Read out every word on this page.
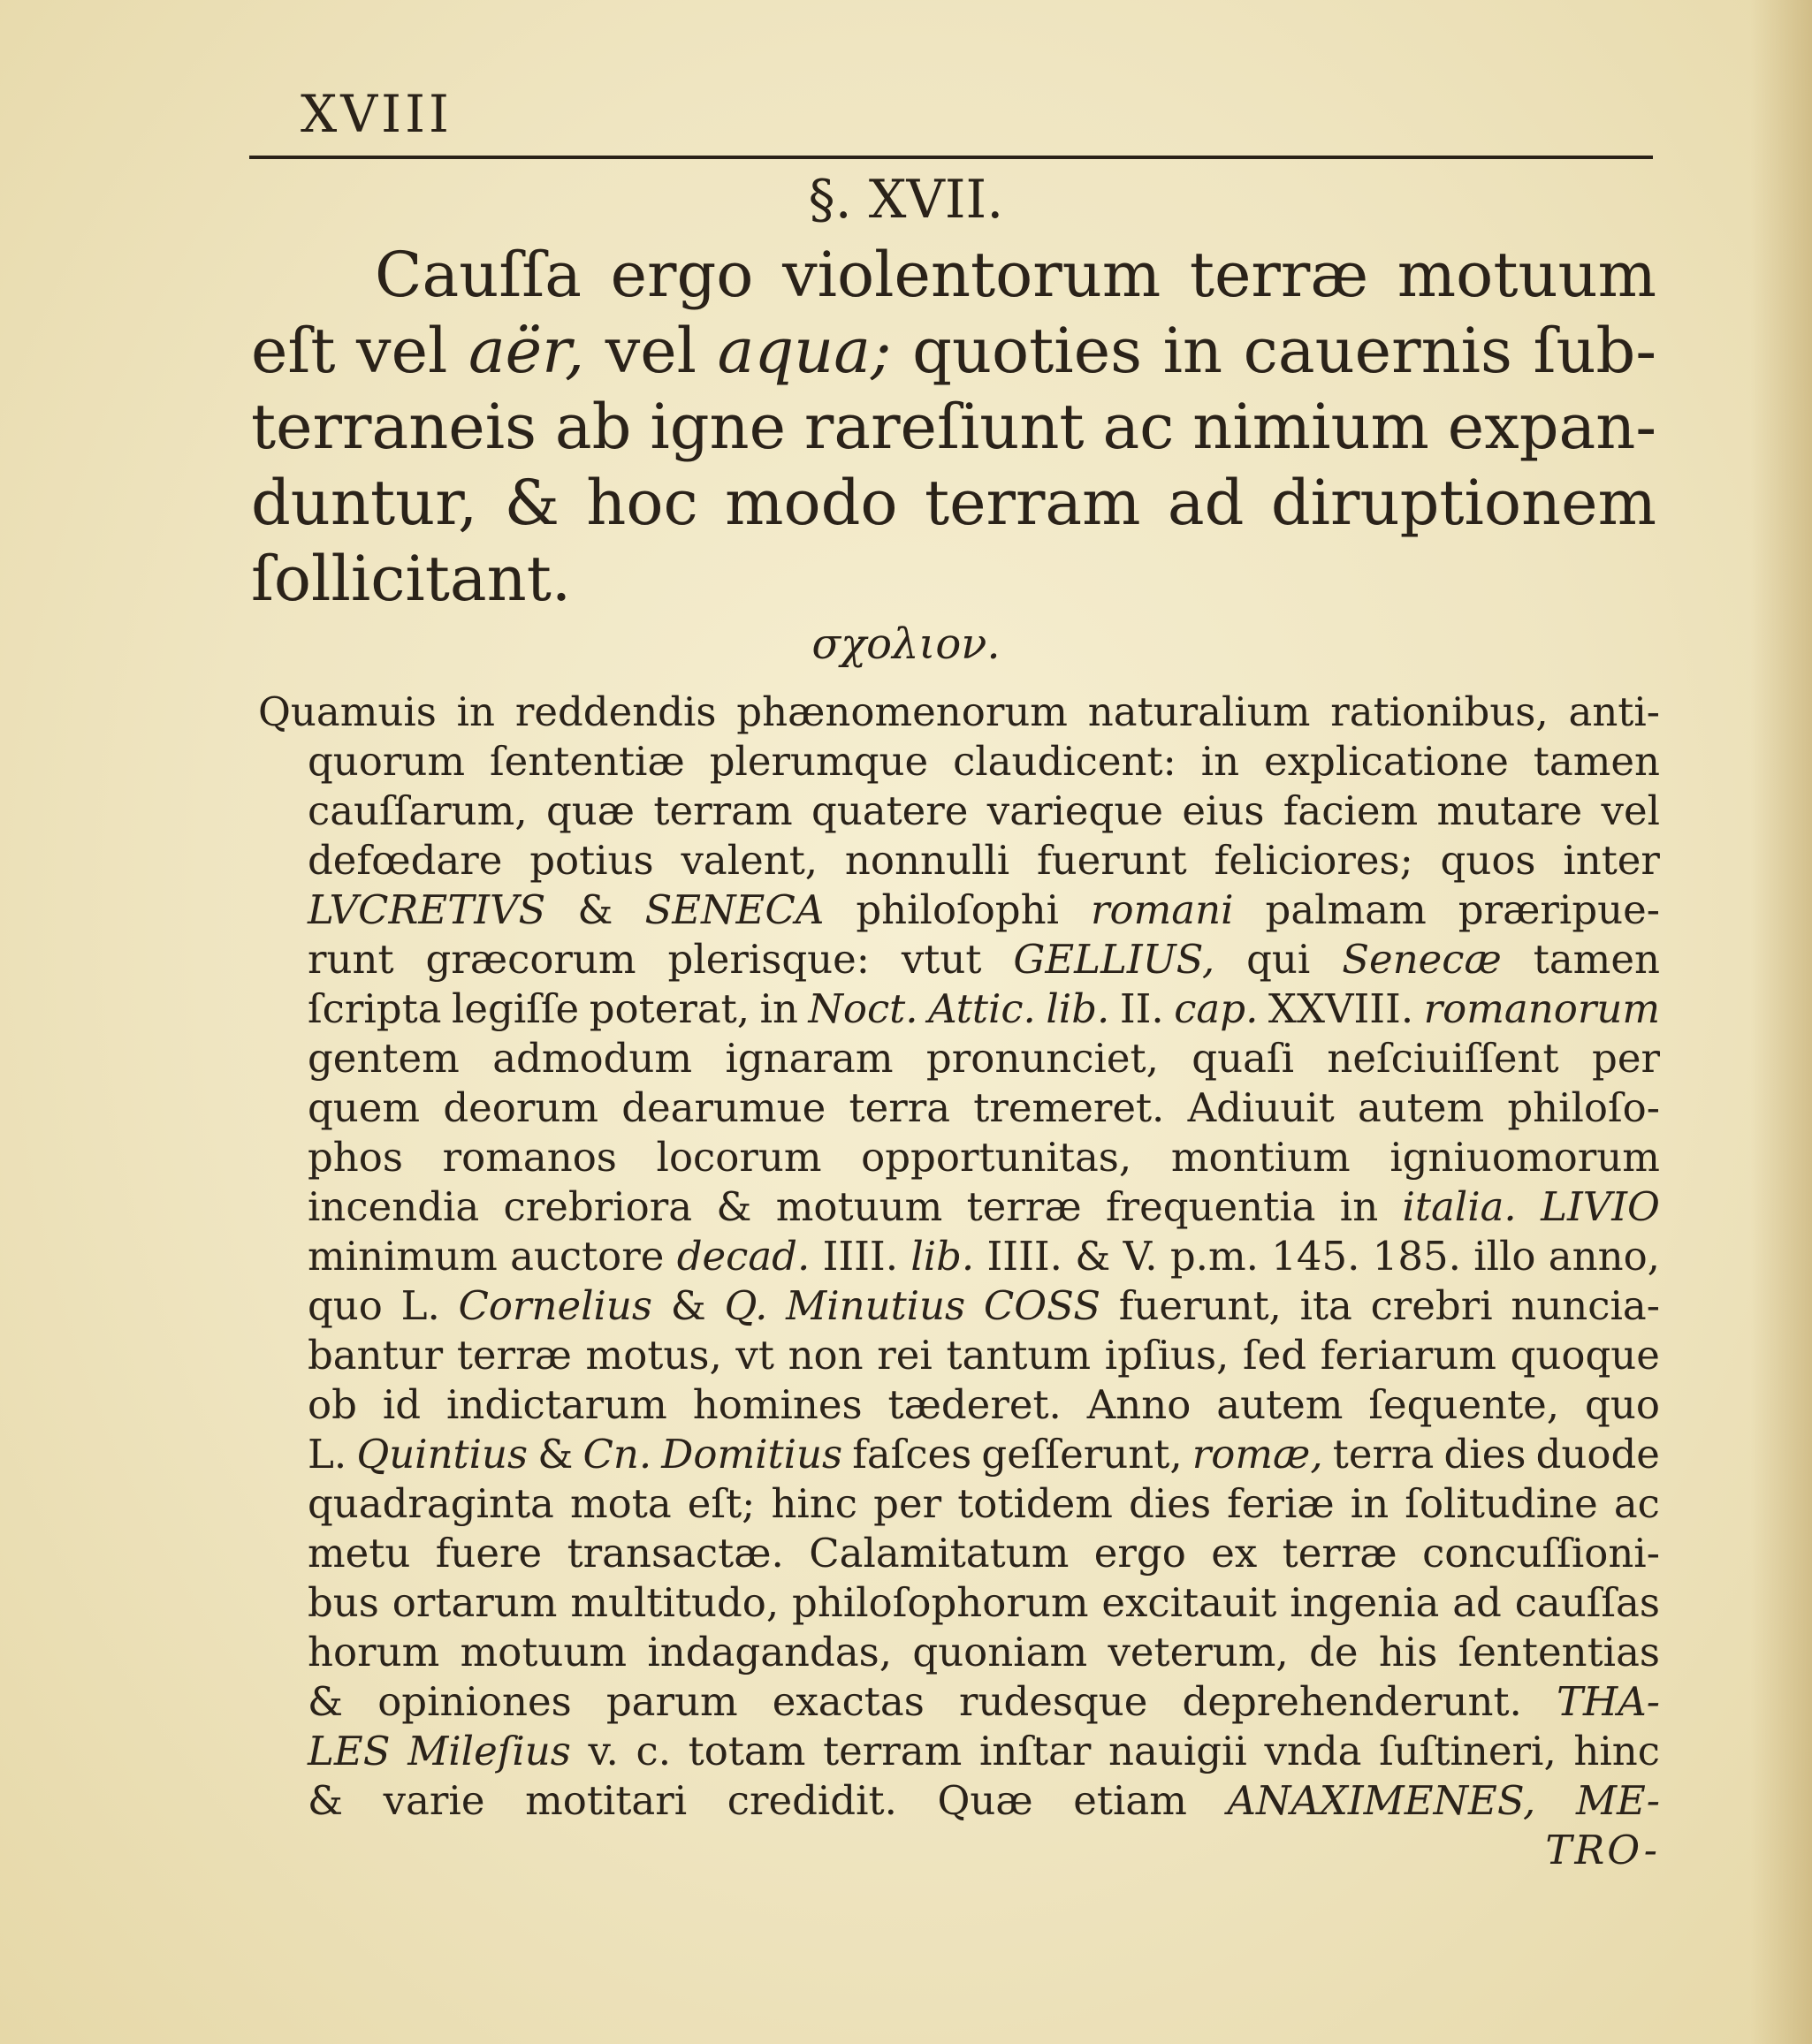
XVIII
§. XVII.
Cauſſa ergo violentorum terræ motuum
eſt vel aër, vel aqua; quoties in cauernis ſub-
terraneis ab igne rareſiunt ac nimium expan-
duntur, & hoc modo terram ad diruptionem
ſollicitant.
σχολιον.
Quamuis in reddendis phænomenorum naturalium rationibus, anti-
quorum ſententiæ plerumque claudicent: in explicatione tamen
cauſſarum, quæ terram quatere varieque eius faciem mutare vel
defœdare potius valent, nonnulli fuerunt feliciores; quos inter
LVCRETIVS & SENECA philoſophi romani palmam præripue-
runt græcorum plerisque: vtut GELLIUS, qui Senecæ tamen
ſcripta legiſſe poterat, in Noct. Attic. lib. II. cap. XXVIII. romanorum
gentem admodum ignaram pronunciet, quaſi neſciuiſſent per
quem deorum dearumue terra tremeret. Adiuuit autem philoſo-
phos romanos locorum opportunitas, montium igniuomorum
incendia crebriora & motuum terræ frequentia in italia. LIVIO
minimum auctore decad. IIII. lib. IIII. & V. p.m. 145. 185. illo anno,
quo L. Cornelius & Q. Minutius COSS fuerunt, ita crebri nuncia-
bantur terræ motus, vt non rei tantum ipſius, ſed feriarum quoque
ob id indictarum homines tæderet. Anno autem ſequente, quo
L. Quintius & Cn. Domitius faſces geſſerunt, romæ, terra dies duode
quadraginta mota eſt; hinc per totidem dies feriæ in ſolitudine ac
metu fuere transactæ. Calamitatum ergo ex terræ concuſſioni-
bus ortarum multitudo, philoſophorum excitauit ingenia ad cauſſas
horum motuum indagandas, quoniam veterum, de his ſententias
& opiniones parum exactas rudesque deprehenderunt. THA-
LES Mileſius v. c. totam terram inſtar nauigii vnda ſuſtineri, hinc
& varie motitari credidit. Quæ etiam ANAXIMENES, ME-
TRO-
